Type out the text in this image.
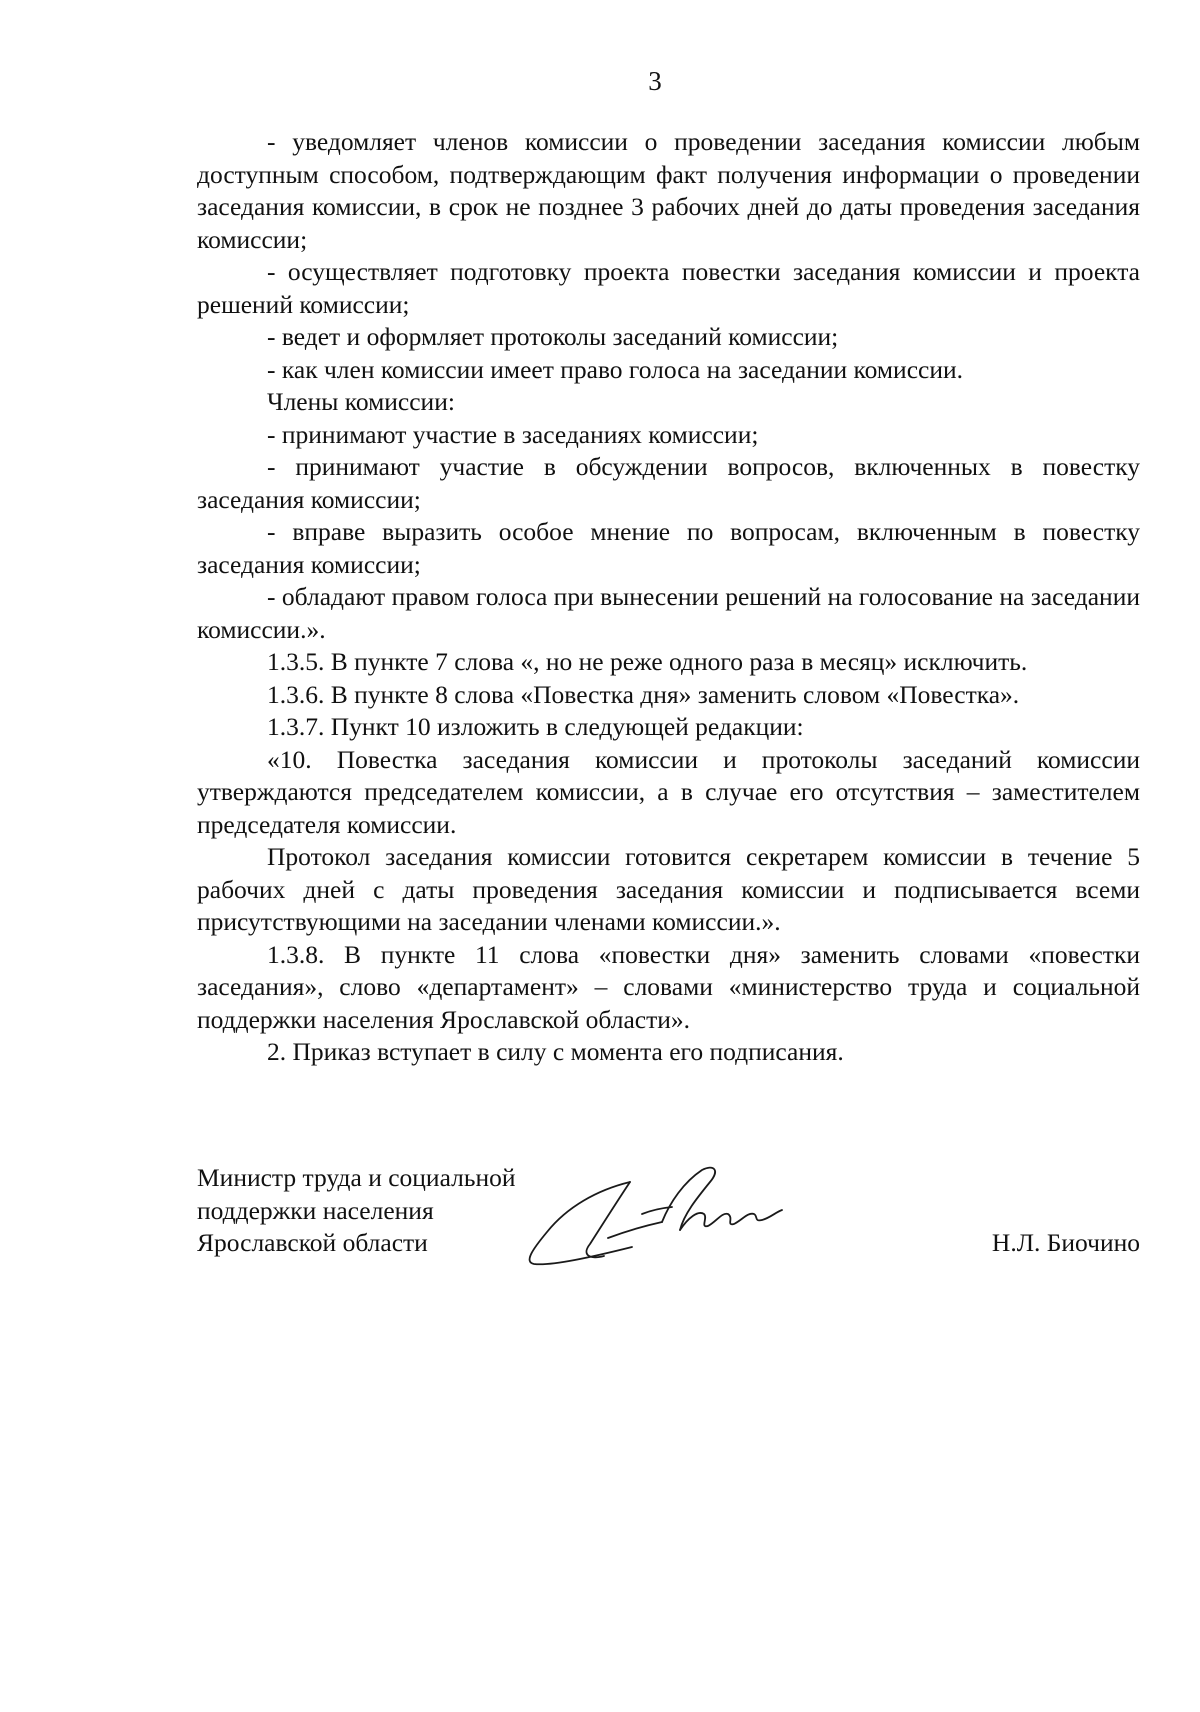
3

- уведомляет членов комиссии о проведении заседания комиссии любым доступным способом, подтверждающим факт получения информации о проведении заседания комиссии, в срок не позднее 3 рабочих дней до даты проведения заседания комиссии;

- осуществляет подготовку проекта повестки заседания комиссии и проекта решений комиссии;

- ведет и оформляет протоколы заседаний комиссии;

- как член комиссии имеет право голоса на заседании комиссии.

Члены комиссии:

- принимают участие в заседаниях комиссии;

- принимают участие в обсуждении вопросов, включенных в повестку заседания комиссии;

- вправе выразить особое мнение по вопросам, включенным в повестку заседания комиссии;

- обладают правом голоса при вынесении решений на голосование на заседании комиссии.».

1.3.5. В пункте 7 слова «, но не реже одного раза в месяц» исключить.

1.3.6. В пункте 8 слова «Повестка дня» заменить словом «Повестка».

1.3.7. Пункт 10 изложить в следующей редакции:

«10. Повестка заседания комиссии и протоколы заседаний комиссии утверждаются председателем комиссии, а в случае его отсутствия – заместителем председателя комиссии.

Протокол заседания комиссии готовится секретарем комиссии в течение 5 рабочих дней с даты проведения заседания комиссии и подписывается всеми присутствующими на заседании членами комиссии.».

1.3.8. В пункте 11 слова «повестки дня» заменить словами «повестки заседания», слово «департамент» – словами «министерство труда и социальной поддержки населения Ярославской области».

2. Приказ вступает в силу с момента его подписания.

Министр труда и социальной
поддержки населения
Ярославской области	Н.Л. Биочино
